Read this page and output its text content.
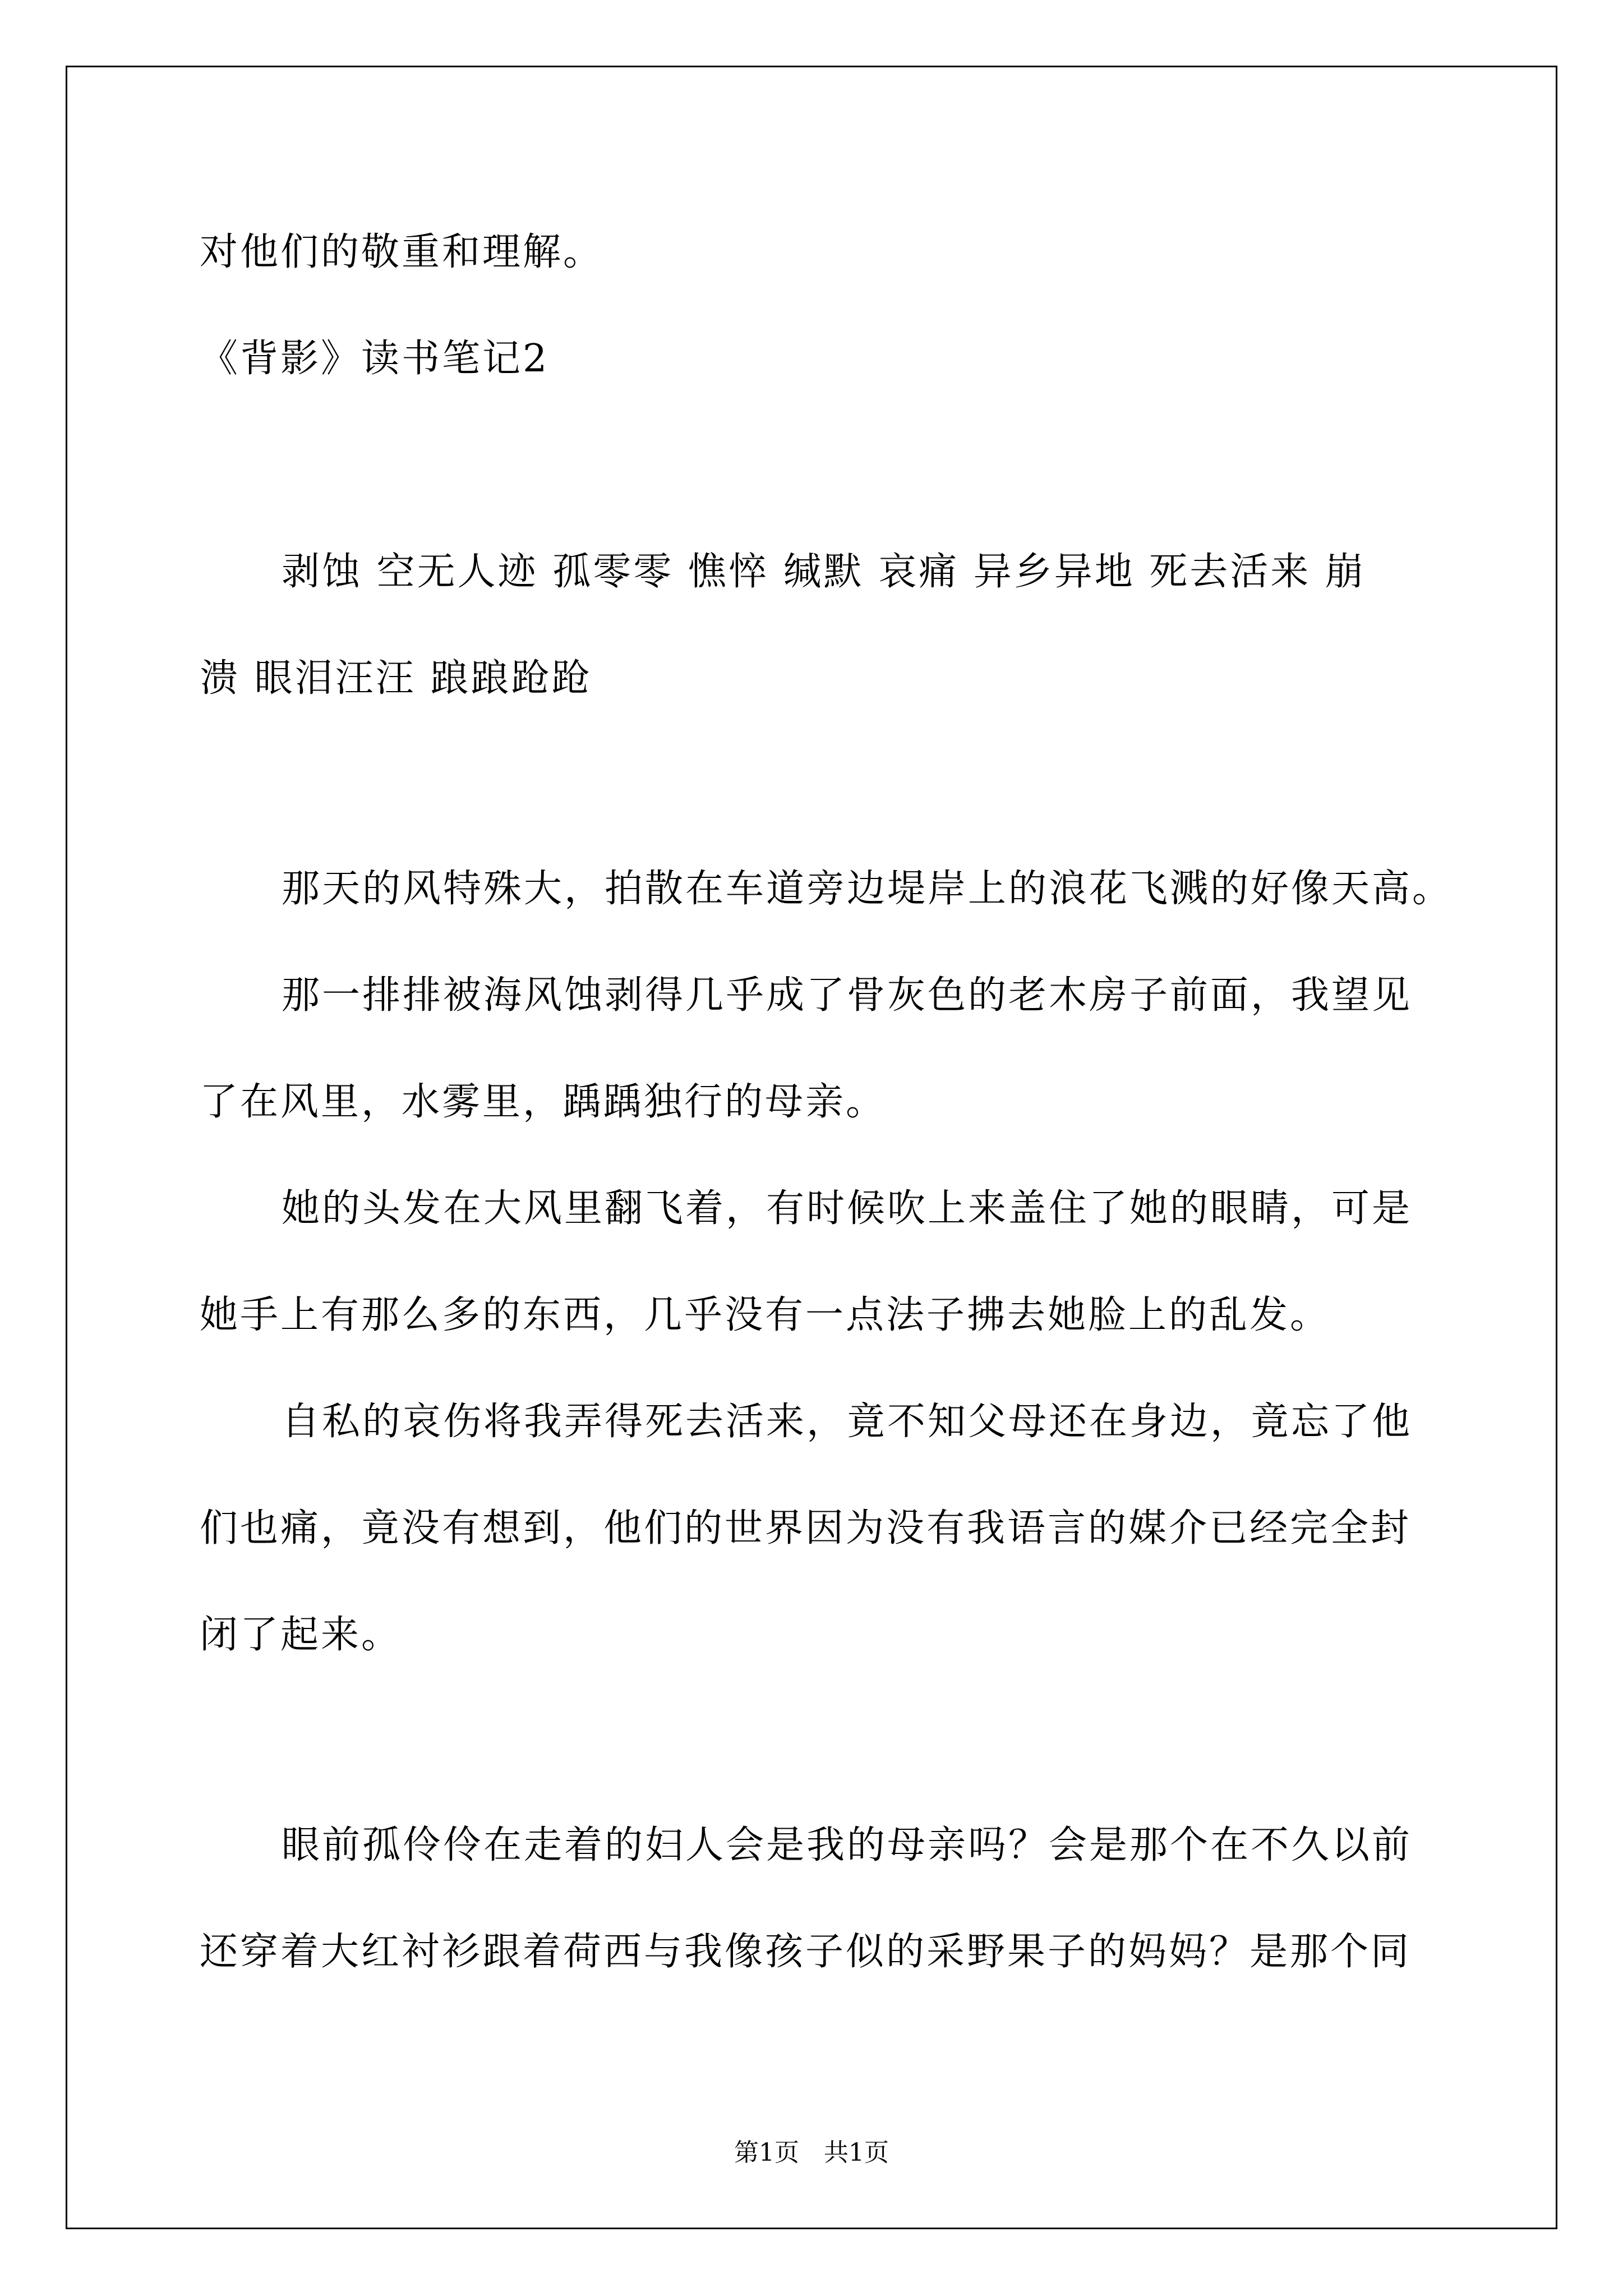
对他们的敬重和理解。
《背影》读书笔记2
剥蚀 空无人迹 孤零零 憔悴 缄默 哀痛 异乡异地 死去活来 崩
溃 眼泪汪汪 踉踉跄跄
那天的风特殊大，拍散在车道旁边堤岸上的浪花飞溅的好像天高。
那一排排被海风蚀剥得几乎成了骨灰色的老木房子前面，我望见
了在风里，水雾里，踽踽独行的母亲。
她的头发在大风里翻飞着，有时候吹上来盖住了她的眼睛，可是
她手上有那么多的东西，几乎没有一点法子拂去她脸上的乱发。
自私的哀伤将我弄得死去活来，竟不知父母还在身边，竟忘了他
们也痛，竟没有想到，他们的世界因为没有我语言的媒介已经完全封
闭了起来。
眼前孤伶伶在走着的妇人会是我的母亲吗？会是那个在不久以前
还穿着大红衬衫跟着荷西与我像孩子似的采野果子的妈妈？是那个同
第1页　共1页
